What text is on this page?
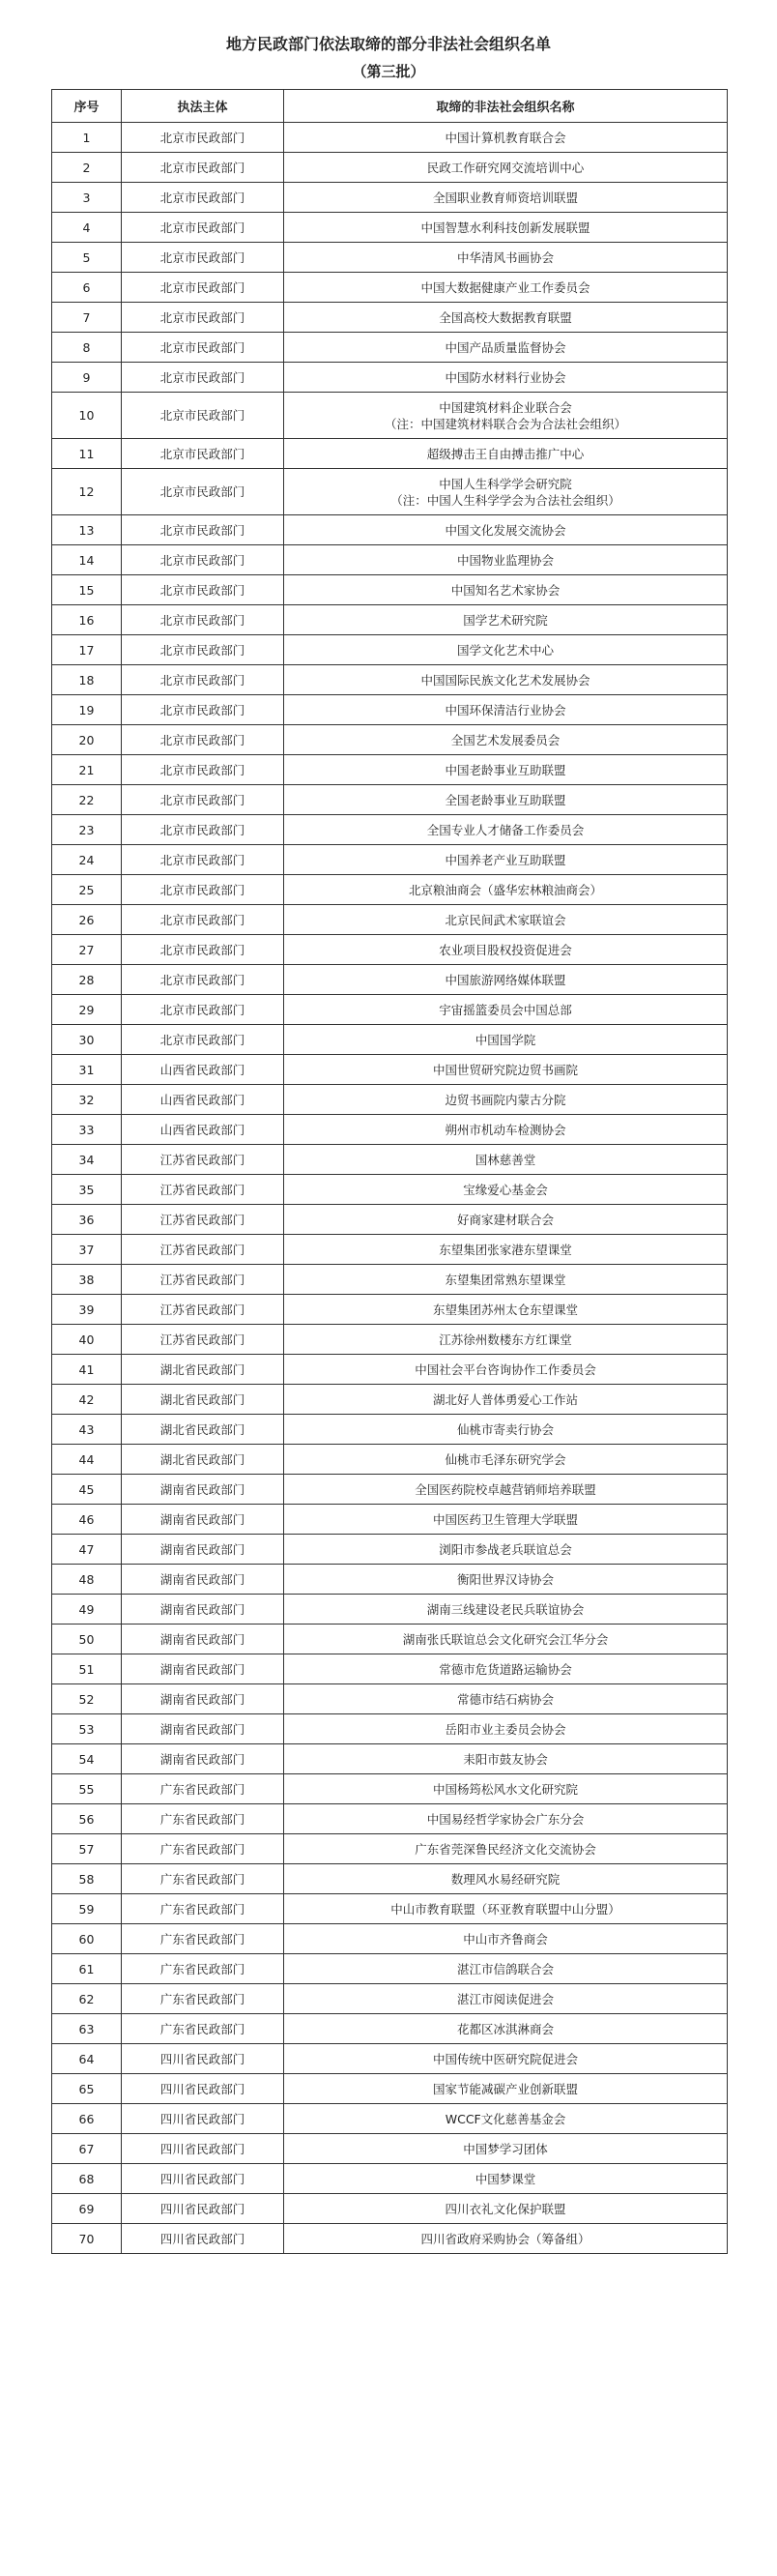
地方民政部门依法取缔的部分非法社会组织名单
（第三批）
序号	执法主体	取缔的非法社会组织名称
1	北京市民政部门	中国计算机教育联合会

2	北京市民政部门	民政工作研究网交流培训中心

3	北京市民政部门	全国职业教育师资培训联盟

4	北京市民政部门	中国智慧水利科技创新发展联盟

5	北京市民政部门	中华清风书画协会

6	北京市民政部门	中国大数据健康产业工作委员会

7	北京市民政部门	全国高校大数据教育联盟

8	北京市民政部门	中国产品质量监督协会

9	北京市民政部门	中国防水材料行业协会

10	北京市民政部门	中国建筑材料企业联合会
（注：中国建筑材料联合会为合法社会组织）

11	北京市民政部门	超级搏击王自由搏击推广中心

12	北京市民政部门	中国人生科学学会研究院
（注：中国人生科学学会为合法社会组织）

13	北京市民政部门	中国文化发展交流协会

14	北京市民政部门	中国物业监理协会

15	北京市民政部门	中国知名艺术家协会

16	北京市民政部门	国学艺术研究院

17	北京市民政部门	国学文化艺术中心

18	北京市民政部门	中国国际民族文化艺术发展协会

19	北京市民政部门	中国环保清洁行业协会

20	北京市民政部门	全国艺术发展委员会

21	北京市民政部门	中国老龄事业互助联盟

22	北京市民政部门	全国老龄事业互助联盟

23	北京市民政部门	全国专业人才储备工作委员会

24	北京市民政部门	中国养老产业互助联盟

25	北京市民政部门	北京粮油商会（盛华宏林粮油商会）

26	北京市民政部门	北京民间武术家联谊会

27	北京市民政部门	农业项目股权投资促进会

28	北京市民政部门	中国旅游网络媒体联盟

29	北京市民政部门	宇宙摇篮委员会中国总部

30	北京市民政部门	中国国学院

31	山西省民政部门	中国世贸研究院边贸书画院

32	山西省民政部门	边贸书画院内蒙古分院

33	山西省民政部门	朔州市机动车检测协会

34	江苏省民政部门	国林慈善堂

35	江苏省民政部门	宝缘爱心基金会

36	江苏省民政部门	好商家建材联合会

37	江苏省民政部门	东望集团张家港东望课堂

38	江苏省民政部门	东望集团常熟东望课堂

39	江苏省民政部门	东望集团苏州太仓东望课堂

40	江苏省民政部门	江苏徐州数楼东方红课堂

41	湖北省民政部门	中国社会平台咨询协作工作委员会

42	湖北省民政部门	湖北好人普体勇爱心工作站

43	湖北省民政部门	仙桃市寄卖行协会

44	湖北省民政部门	仙桃市毛泽东研究学会

45	湖南省民政部门	全国医药院校卓越营销师培养联盟

46	湖南省民政部门	中国医药卫生管理大学联盟

47	湖南省民政部门	浏阳市参战老兵联谊总会

48	湖南省民政部门	衡阳世界汉诗协会

49	湖南省民政部门	湖南三线建设老民兵联谊协会

50	湖南省民政部门	湖南张氏联谊总会文化研究会江华分会

51	湖南省民政部门	常德市危货道路运输协会

52	湖南省民政部门	常德市结石病协会

53	湖南省民政部门	岳阳市业主委员会协会

54	湖南省民政部门	耒阳市鼓友协会

55	广东省民政部门	中国杨筠松风水文化研究院

56	广东省民政部门	中国易经哲学家协会广东分会

57	广东省民政部门	广东省莞深鲁民经济文化交流协会

58	广东省民政部门	数理风水易经研究院

59	广东省民政部门	中山市教育联盟（环亚教育联盟中山分盟）

60	广东省民政部门	中山市齐鲁商会

61	广东省民政部门	湛江市信鸽联合会

62	广东省民政部门	湛江市阅读促进会

63	广东省民政部门	花都区冰淇淋商会

64	四川省民政部门	中国传统中医研究院促进会

65	四川省民政部门	国家节能减碳产业创新联盟

66	四川省民政部门	WCCF文化慈善基金会

67	四川省民政部门	中国梦学习团体

68	四川省民政部门	中国梦课堂

69	四川省民政部门	四川衣礼文化保护联盟

70	四川省民政部门	四川省政府采购协会（筹备组）
